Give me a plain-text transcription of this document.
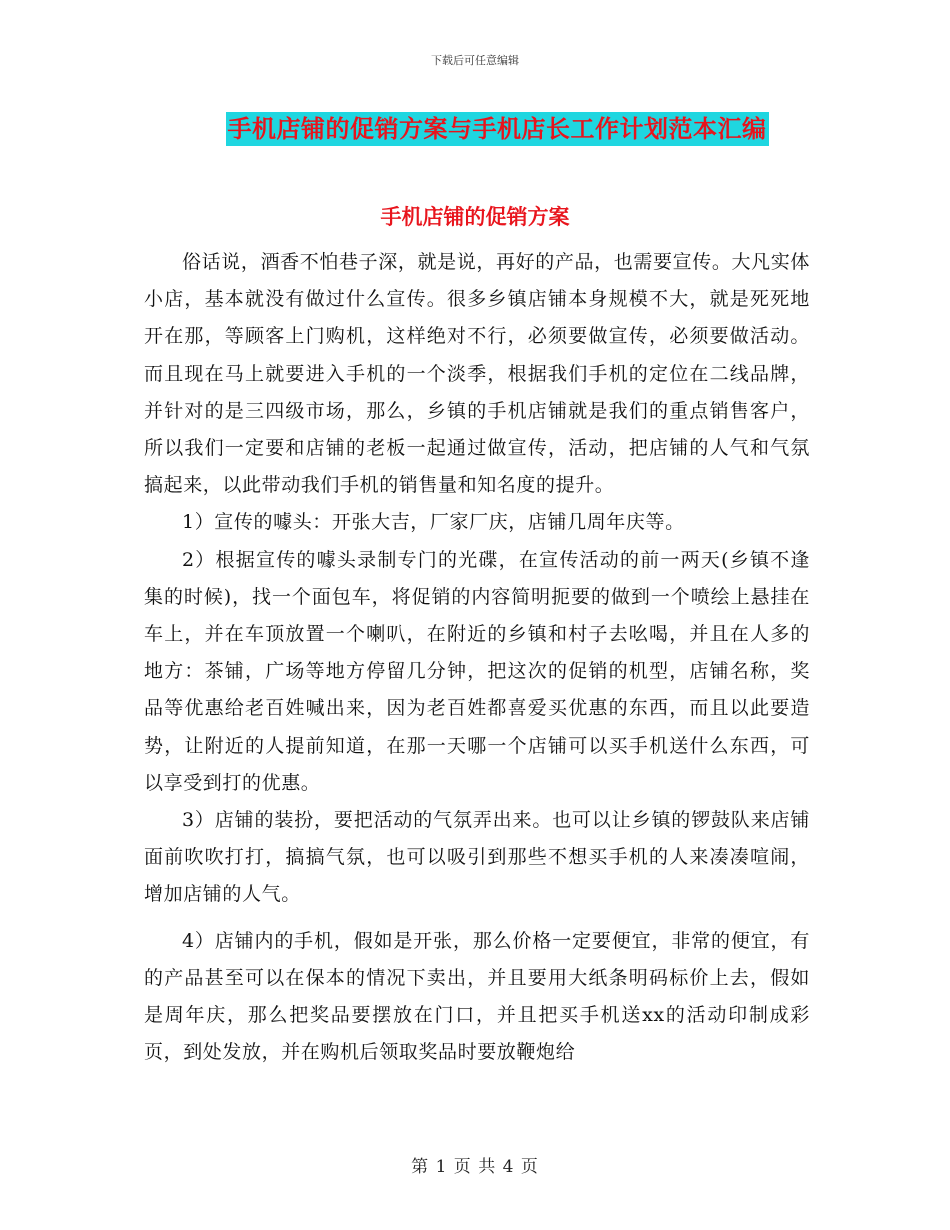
下载后可任意编辑
手机店铺的促销方案与手机店长工作计划范本汇编
手机店铺的促销方案

俗话说，酒香不怕巷子深，就是说，再好的产品，也需要宣传。大凡实体小店，基本就没有做过什么宣传。很多乡镇店铺本身规模不大，就是死死地开在那，等顾客上门购机，这样绝对不行，必须要做宣传，必须要做活动。而且现在马上就要进入手机的一个淡季，根据我们手机的定位在二线品牌，并针对的是三四级市场，那么，乡镇的手机店铺就是我们的重点销售客户，所以我们一定要和店铺的老板一起通过做宣传，活动，把店铺的人气和气氛搞起来，以此带动我们手机的销售量和知名度的提升。

1）宣传的噱头：开张大吉，厂家厂庆，店铺几周年庆等。

2）根据宣传的噱头录制专门的光碟，在宣传活动的前一两天(乡镇不逢集的时候)，找一个面包车，将促销的内容简明扼要的做到一个喷绘上悬挂在车上，并在车顶放置一个喇叭，在附近的乡镇和村子去吆喝，并且在人多的地方：茶铺，广场等地方停留几分钟，把这次的促销的机型，店铺名称，奖品等优惠给老百姓喊出来，因为老百姓都喜爱买优惠的东西，而且以此要造势，让附近的人提前知道，在那一天哪一个店铺可以买手机送什么东西，可以享受到打的优惠。

3）店铺的装扮，要把活动的气氛弄出来。也可以让乡镇的锣鼓队来店铺面前吹吹打打，搞搞气氛，也可以吸引到那些不想买手机的人来凑凑喧闹，增加店铺的人气。

4）店铺内的手机，假如是开张，那么价格一定要便宜，非常的便宜，有的产品甚至可以在保本的情况下卖出，并且要用大纸条明码标价上去，假如是周年庆，那么把奖品要摆放在门口，并且把买手机送xx的活动印制成彩页，到处发放，并在购机后领取奖品时要放鞭炮给

第 1 页 共 4 页
